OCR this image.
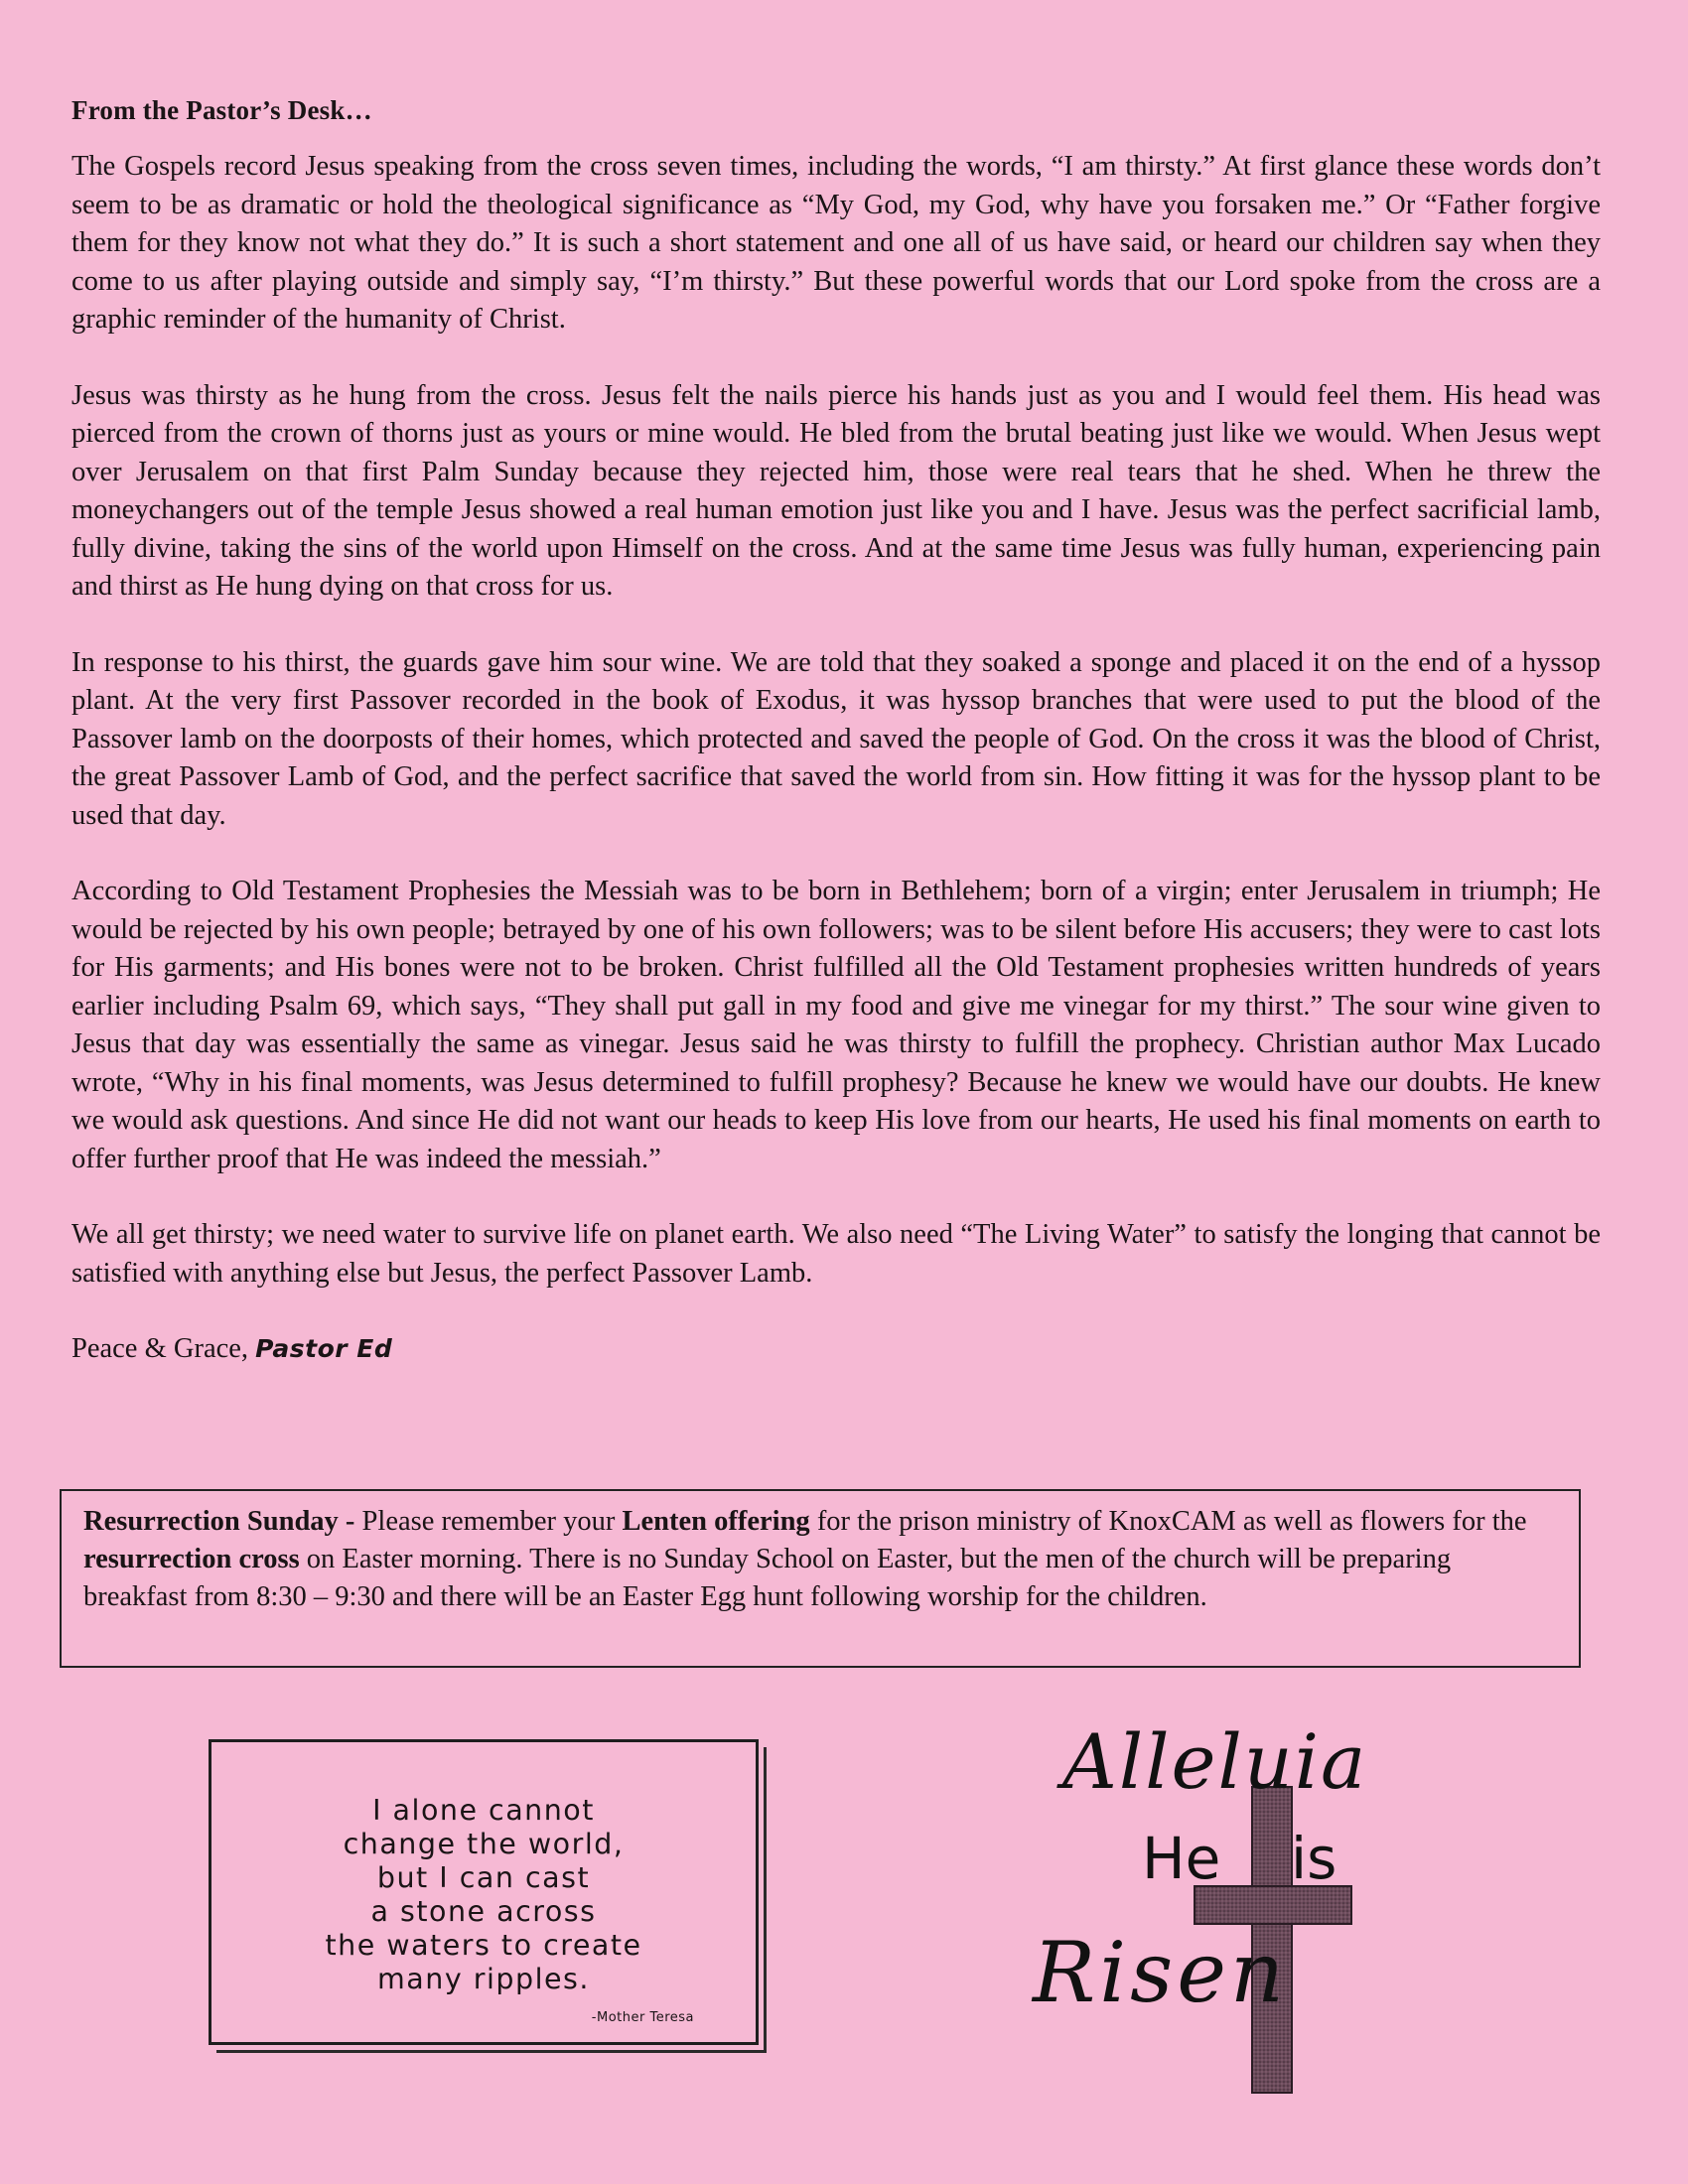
From the Pastor’s Desk…

The Gospels record Jesus speaking from the cross seven times, including the words, “I am thirsty.” At first glance these words don’t seem to be as dramatic or hold the theological significance as “My God, my God, why have you forsaken me.” Or “Father forgive them for they know not what they do.” It is such a short statement and one all of us have said, or heard our children say when they come to us after playing outside and simply say, “I’m thirsty.” But these powerful words that our Lord spoke from the cross are a graphic reminder of the humanity of Christ.

Jesus was thirsty as he hung from the cross. Jesus felt the nails pierce his hands just as you and I would feel them. His head was pierced from the crown of thorns just as yours or mine would. He bled from the brutal beating just like we would. When Jesus wept over Jerusalem on that first Palm Sunday because they rejected him, those were real tears that he shed. When he threw the moneychangers out of the temple Jesus showed a real human emotion just like you and I have. Jesus was the perfect sacrificial lamb, fully divine, taking the sins of the world upon Himself on the cross. And at the same time Jesus was fully human, experiencing pain and thirst as He hung dying on that cross for us.

In response to his thirst, the guards gave him sour wine. We are told that they soaked a sponge and placed it on the end of a hyssop plant. At the very first Passover recorded in the book of Exodus, it was hyssop branches that were used to put the blood of the Passover lamb on the doorposts of their homes, which protected and saved the people of God. On the cross it was the blood of Christ, the great Passover Lamb of God, and the perfect sacrifice that saved the world from sin. How fitting it was for the hyssop plant to be used that day.

According to Old Testament Prophesies the Messiah was to be born in Bethlehem; born of a virgin; enter Jerusalem in triumph; He would be rejected by his own people; betrayed by one of his own followers; was to be silent before His accusers; they were to cast lots for His garments; and His bones were not to be broken. Christ fulfilled all the Old Testament prophesies written hundreds of years earlier including Psalm 69, which says, “They shall put gall in my food and give me vinegar for my thirst.” The sour wine given to Jesus that day was essentially the same as vinegar. Jesus said he was thirsty to fulfill the prophecy. Christian author Max Lucado wrote, “Why in his final moments, was Jesus determined to fulfill prophesy? Because he knew we would have our doubts. He knew we would ask questions. And since He did not want our heads to keep His love from our hearts, He used his final moments on earth to offer further proof that He was indeed the messiah.”

We all get thirsty; we need water to survive life on planet earth. We also need “The Living Water” to satisfy the longing that cannot be satisfied with anything else but Jesus, the perfect Passover Lamb.

Peace & Grace, Pastor Ed

Resurrection Sunday - Please remember your Lenten offering for the prison ministry of KnoxCAM as well as flowers for the resurrection cross on Easter morning. There is no Sunday School on Easter, but the men of the church will be preparing breakfast from 8:30 – 9:30 and there will be an Easter Egg hunt following worship for the children.
I alone cannot
change the world,
but I can cast
a stone across
the waters to create
many ripples.
-Mother Teresa
Alleluia
He is
Risen
